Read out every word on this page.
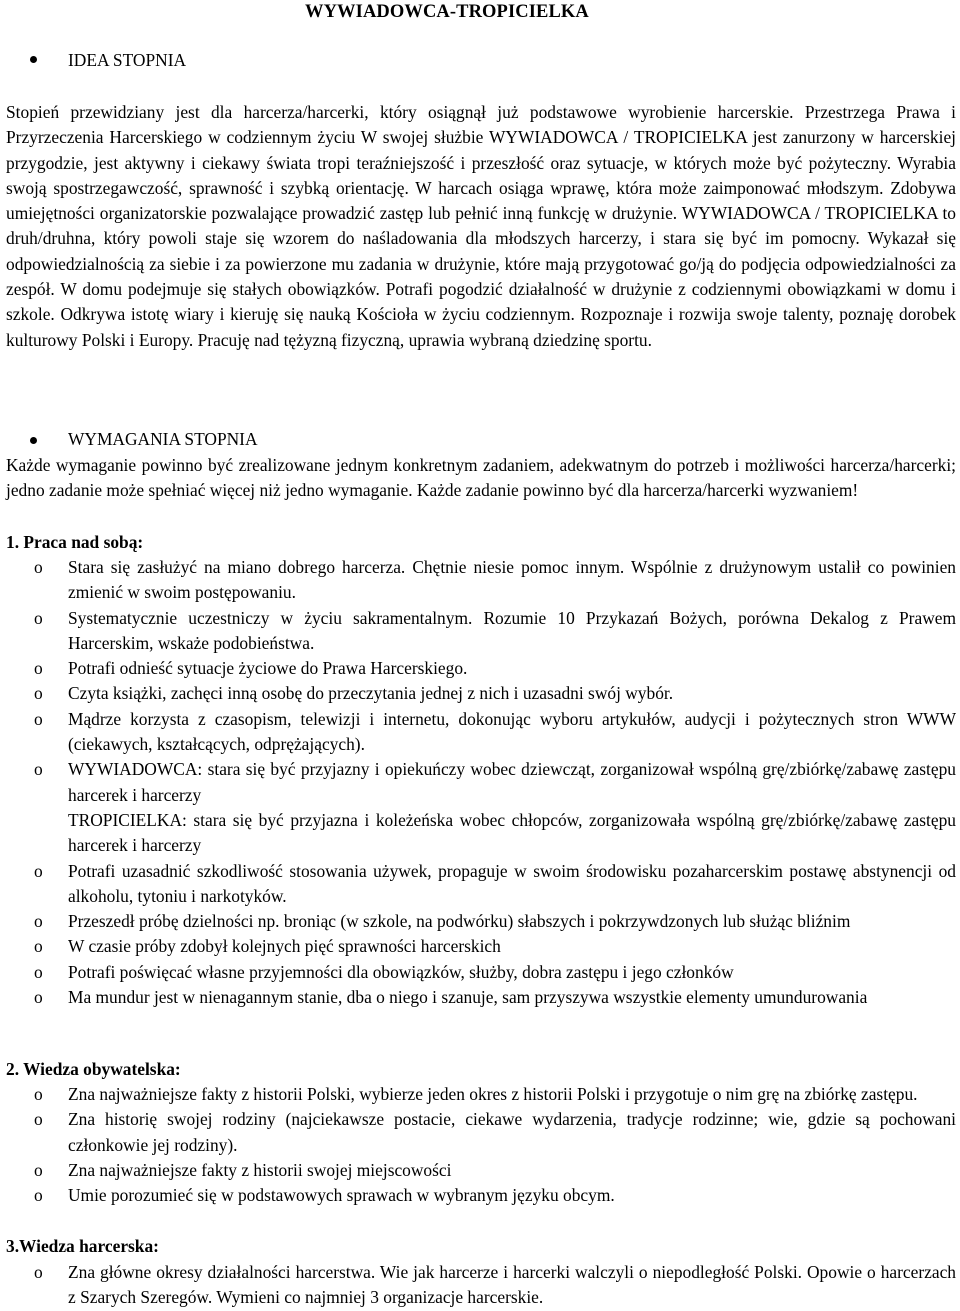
WYWIADOWCA-TROPICIELKA
IDEA STOPNIA
Stopień przewidziany jest dla harcerza/harcerki, który osiągnął już podstawowe wyrobienie harcerskie. Przestrzega Prawa i Przyrzeczenia Harcerskiego w codziennym życiu W swojej służbie WYWIADOWCA / TROPICIELKA jest zanurzony w harcerskiej przygodzie, jest aktywny i ciekawy świata tropi teraźniejszość i przeszłość oraz sytuacje, w których może być pożyteczny. Wyrabia swoją spostrzegawczość, sprawność i szybką orientację. W harcach osiąga wprawę, która może zaimponować młodszym. Zdobywa umiejętności organizatorskie pozwalające prowadzić zastęp lub pełnić inną funkcję w drużynie. WYWIADOWCA / TROPICIELKA to druh/druhna, który powoli staje się wzorem do naśladowania dla młodszych harcerzy, i stara się być im pomocny. Wykazał się odpowiedzialnością za siebie i za powierzone mu zadania w drużynie, które mają przygotować go/ją do podjęcia odpowiedzialności za zespół. W domu podejmuje się stałych obowiązków. Potrafi pogodzić działalność w drużynie z codziennymi obowiązkami w domu i szkole. Odkrywa istotę wiary i kieruję się nauką Kościoła w życiu codziennym. Rozpoznaje i rozwija swoje talenty, poznaję dorobek kulturowy Polski i Europy. Pracuję nad tężyzną fizyczną, uprawia wybraną dziedzinę sportu.
WYMAGANIA STOPNIA
Każde wymaganie powinno być zrealizowane jednym konkretnym zadaniem, adekwatnym do potrzeb i możliwości harcerza/harcerki; jedno zadanie może spełniać więcej niż jedno wymaganie. Każde zadanie powinno być dla harcerza/harcerki wyzwaniem!
1. Praca nad sobą:
o Stara się zasłużyć na miano dobrego harcerza. Chętnie niesie pomoc innym. Wspólnie z drużynowym ustalił co powinien zmienić w swoim postępowaniu.
o Systematycznie uczestniczy w życiu sakramentalnym. Rozumie 10 Przykazań Bożych, porówna Dekalog z Prawem Harcerskim, wskaże podobieństwa.
o Potrafi odnieść sytuacje życiowe do Prawa Harcerskiego.
o Czyta książki, zachęci inną osobę do przeczytania jednej z nich i uzasadni swój wybór.
o Mądrze korzysta z czasopism, telewizji i internetu, dokonując wyboru artykułów, audycji i pożytecznych stron WWW (ciekawych, kształcących, odprężających).
o WYWIADOWCA: stara się być przyjazny i opiekuńczy wobec dziewcząt, zorganizował wspólną grę/zbiórkę/zabawę zastępu harcerek i harcerzy
TROPICIELKA: stara się być przyjazna i koleżeńska wobec chłopców, zorganizowała wspólną grę/zbiórkę/zabawę zastępu harcerek i harcerzy
o Potrafi uzasadnić szkodliwość stosowania używek, propaguje w swoim środowisku pozaharcerskim postawę abstynencji od alkoholu, tytoniu i narkotyków.
o Przeszedł próbę dzielności np. broniąc (w szkole, na podwórku) słabszych i pokrzywdzonych lub służąc bliźnim
o W czasie próby zdobył kolejnych pięć sprawności harcerskich
o Potrafi poświęcać własne przyjemności dla obowiązków, służby, dobra zastępu i jego członków
o Ma mundur jest w nienagannym stanie, dba o niego i szanuje, sam przyszywa wszystkie elementy umundurowania
2. Wiedza obywatelska:
o Zna najważniejsze fakty z historii Polski, wybierze jeden okres z historii Polski i przygotuje o nim grę na zbiórkę zastępu.
o Zna historię swojej rodziny (najciekawsze postacie, ciekawe wydarzenia, tradycje rodzinne; wie, gdzie są pochowani członkowie jej rodziny).
o Zna najważniejsze fakty z historii swojej miejscowości
o Umie porozumieć się w podstawowych sprawach w wybranym języku obcym.
3.Wiedza harcerska:
o Zna główne okresy działalności harcerstwa. Wie jak harcerze i harcerki walczyli o niepodległość Polski. Opowie o harcerzach z Szarych Szeregów. Wymieni co najmniej 3 organizacje harcerskie.
